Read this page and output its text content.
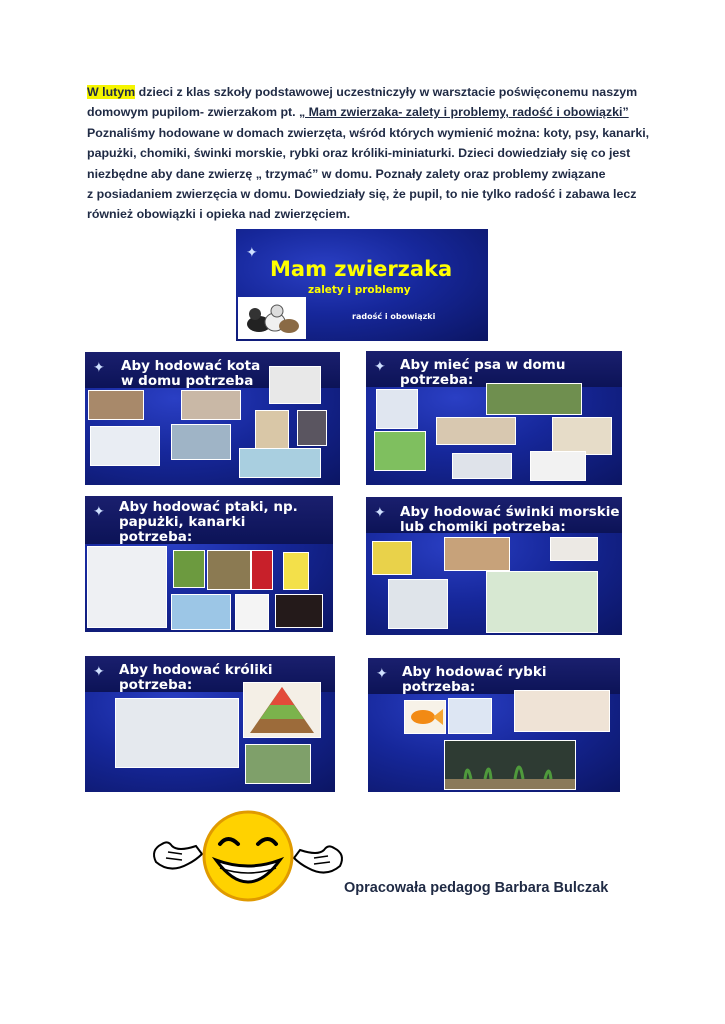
W lutym dzieci z klas szkoły podstawowej uczestniczyły w warsztacie poświęconemu naszym
domowym pupilom- zwierzakom pt. „ Mam zwierzaka- zalety i problemy, radość i obowiązki”
Poznaliśmy hodowane w domach zwierzęta, wśród których wymienić można: koty, psy, kanarki,
papużki, chomiki, świnki morskie, rybki oraz króliki-miniaturki. Dzieci dowiedziały się co jest
niezbędne aby dane zwierzę „ trzymać” w domu. Poznały zalety oraz problemy związane
z posiadaniem zwierzęcia w domu. Dowiedziały się, że pupil, to nie tylko radość i zabawa lecz
również obowiązki i opieka nad zwierzęciem.
✦
Mam zwierzaka
zalety i problemy
radość i obowiązki
✦ Aby hodować kota
w domu potrzeba
✦ Aby mieć psa w domu
potrzeba:
✦ Aby hodować ptaki, np.
papużki, kanarki
potrzeba:
✦ Aby hodować świnki morskie
lub chomiki potrzeba:
✦ Aby hodować króliki
potrzeba:
✦ Aby hodować rybki
potrzeba:
Opracowała pedagog Barbara Bulczak
